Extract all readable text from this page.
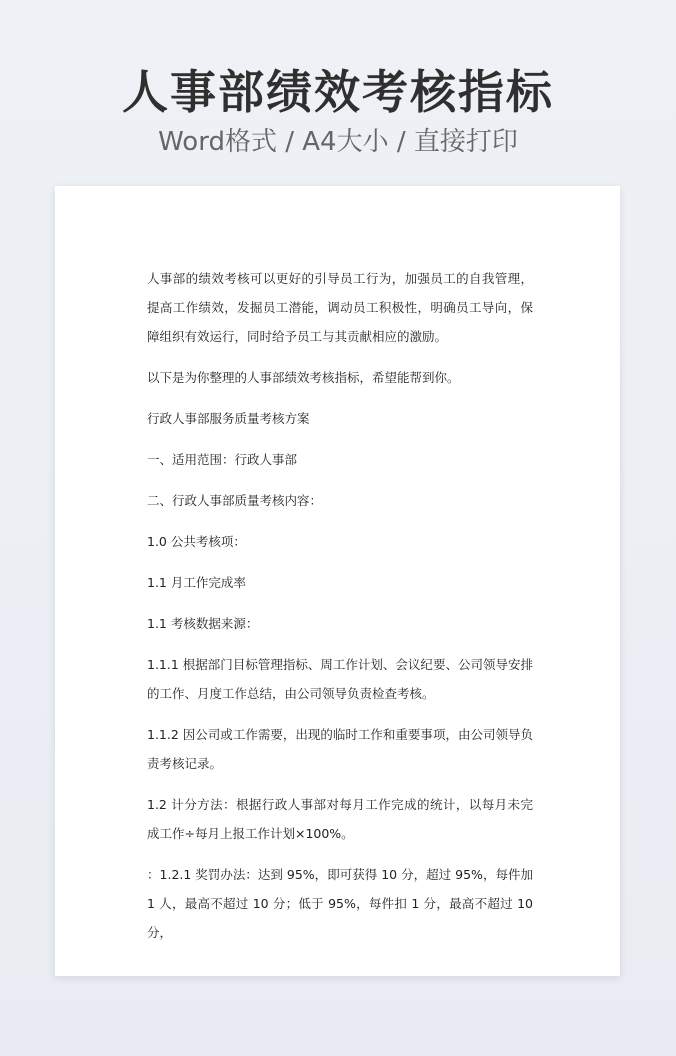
人事部绩效考核指标
Word格式 / A4大小 / 直接打印

人事部的绩效考核可以更好的引导员工行为，加强员工的自我管理，提高工作绩效，发掘员工潜能，调动员工积极性，明确员工导向，保障组织有效运行，同时给予员工与其贡献相应的激励。

以下是为你整理的人事部绩效考核指标，希望能帮到你。

行政人事部服务质量考核方案

一、适用范围：行政人事部

二、行政人事部质量考核内容：

1.0 公共考核项：

1.1 月工作完成率

1.1 考核数据来源：

1.1.1 根据部门目标管理指标、周工作计划、会议纪要、公司领导安排的工作、月度工作总结，由公司领导负责检查考核。

1.1.2 因公司或工作需要，出现的临时工作和重要事项，由公司领导负责考核记录。

1.2 计分方法：根据行政人事部对每月工作完成的统计，以每月未完成工作÷每月上报工作计划×100%。

：1.2.1 奖罚办法：达到 95%，即可获得 10 分，超过 95%，每件加 1 人，最高不超过 10 分；低于 95%，每件扣 1 分，最高不超过 10 分，
